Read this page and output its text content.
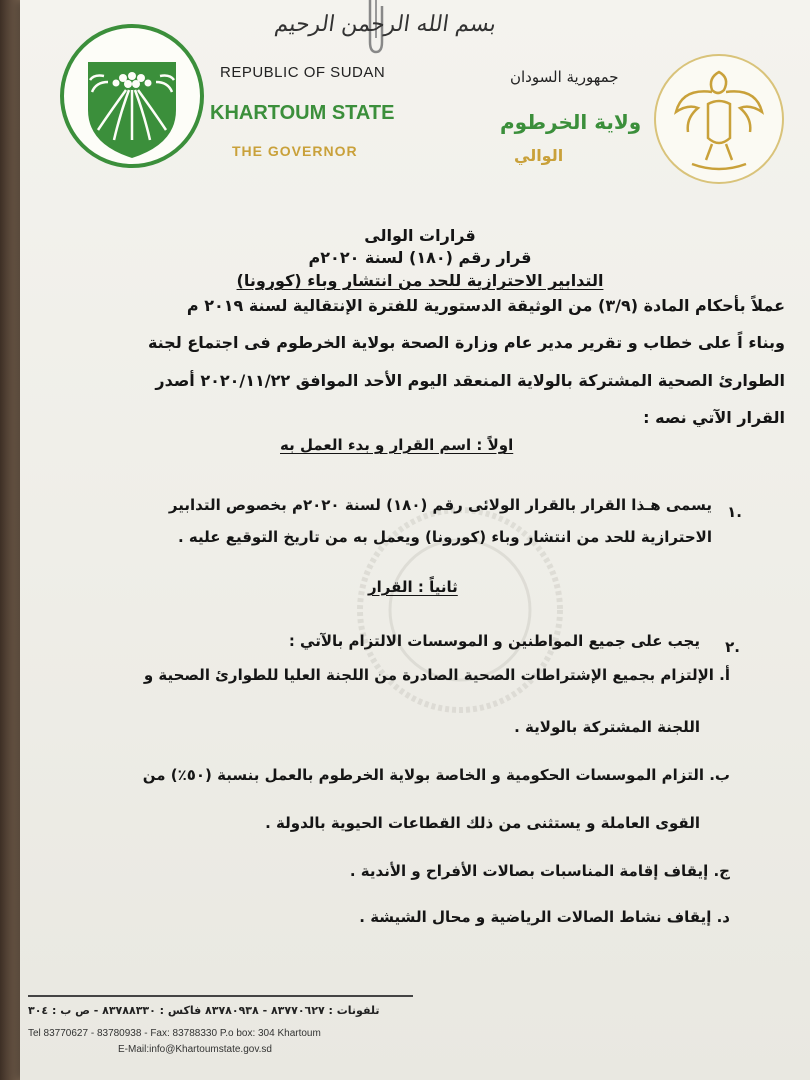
بسم الله الرحمن الرحيم
REPUBLIC OF SUDAN
KHARTOUM STATE
THE GOVERNOR
جمهورية السودان
ولاية الخرطوم
الوالي
قرارات الوالى
قرار رقم (١٨٠) لسنة ٢٠٢٠م
التدابير الاحترازية للحد من انتشار وباء (كورونا)
عملاً بأحكام المادة (٣/٩) من الوثيقة الدستورية للفترة الإنتقالية لسنة ٢٠١٩ م
وبناء اً على خطاب و تقرير مدير عام وزارة الصحة بولاية الخرطوم فى اجتماع لجنة
الطوارئ الصحية المشتركة بالولاية المنعقد اليوم الأحد الموافق ٢٠٢٠/١١/٢٢ أصدر
القرار الآتي نصه :
اولاً : اسم القرار و بدء العمل به
.١
يسمى هـذا القرار بالقرار الولائى رقم (١٨٠) لسنة ٢٠٢٠م بخصوص التدابير
الاحترازية للحد من انتشار وباء (كورونا) ويعمل به من تاريخ التوقيع عليه .
ثانياً : القرار
.٢
يجب على جميع المواطنين و الموسسات الالتزام بالآتي :
أ. الإلتزام بجميع الإشتراطات الصحية الصادرة من اللجنة العليا للطوارئ الصحية و
اللجنة المشتركة بالولاية .
ب. التزام الموسسات الحكومية و الخاصة بولاية الخرطوم بالعمل بنسبة (٥٠٪) من
القوى العاملة و يستثنى من ذلك القطاعات الحيوية بالدولة .
ج. إيقاف إقامة المناسبات بصالات الأفراح و الأندية .
د. إيقاف نشاط الصالات الرياضية و محال الشيشة .
تلفونات : ٨٣٧٧٠٦٢٧ - ٨٣٧٨٠٩٣٨ فاكس : ٨٣٧٨٨٣٣٠ - ص ب : ٣٠٤
Tel 83770627 - 83780938 - Fax: 83788330 P.o box: 304 Khartoum
E-Mail:info@Khartoumstate.gov.sd
